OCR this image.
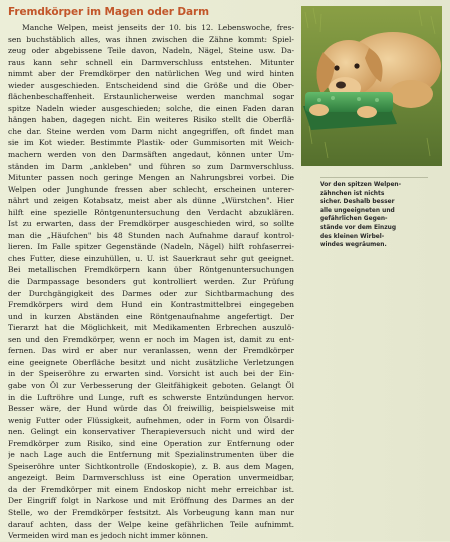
Fremdkörper im Magen oder Darm
Manche Welpen, meist jenseits der 10. bis 12. Lebenswoche, fres-
sen buchstäblich alles, was ihnen zwischen die Zähne kommt: Spiel-
zeug oder abgebissene Teile davon, Nadeln, Nägel, Steine usw. Da-
raus kann sehr schnell ein Darmverschluss entstehen. Mitunter
nimmt aber der Fremdkörper den natürlichen Weg und wird hinten
wieder ausgeschieden. Entscheidend sind die Größe und die Ober-
flächenbeschaffenheit. Erstaunlicherweise werden manchmal sogar
spitze Nadeln wieder ausgeschieden; solche, die einen Faden daran
hängen haben, dagegen nicht. Ein weiteres Risiko stellt die Oberflä-
che dar. Steine werden vom Darm nicht angegriffen, oft findet man
sie im Kot wieder. Bestimmte Plastik- oder Gummisorten mit Weich-
machern werden von den Darmsäften angedaut, können unter Um-
ständen im Darm „ankleben" und führen so zum Darmverschluss.
Mitunter passen noch geringe Mengen an Nahrungsbrei vorbei. Die
Welpen oder Junghunde fressen aber schlecht, erscheinen unterer-
nährt und zeigen Kotabsatz, meist aber als dünne „Würstchen". Hier
hilft eine spezielle Röntgenuntersuchung den Verdacht abzuklären.
Ist zu erwarten, dass der Fremdkörper ausgeschieden wird, so sollte
man die „Häufchen" bis 48 Stunden nach Aufnahme darauf kontrol-
lieren. Im Falle spitzer Gegenstände (Nadeln, Nägel) hilft rohfaserrei-
ches Futter, diese einzuhüllen, u. U. ist Sauerkraut sehr gut geeignet.
Bei metallischen Fremdkörpern kann über Röntgenuntersuchungen
die Darmpassage besonders gut kontrolliert werden. Zur Prüfung
der Durchgängigkeit des Darmes oder zur Sichtbarmachung des
Fremdkörpers wird dem Hund ein Kontrastmittelbrei eingegeben
und in kurzen Abständen eine Röntgenaufnahme angefertigt. Der
Tierarzt hat die Möglichkeit, mit Medikamenten Erbrechen auszulö-
sen und den Fremdkörper, wenn er noch im Magen ist, damit zu ent-
fernen. Das wird er aber nur veranlassen, wenn der Fremdkörper
eine geeignete Oberfläche besitzt und nicht zusätzliche Verletzungen
in der Speiseröhre zu erwarten sind. Vorsicht ist auch bei der Ein-
gabe von Öl zur Verbesserung der Gleitfähigkeit geboten. Gelangt Öl
in die Luftröhre und Lunge, ruft es schwerste Entzündungen hervor.
Besser wäre, der Hund würde das Öl freiwillig, beispielsweise mit
wenig Futter oder Flüssigkeit, aufnehmen, oder in Form von Ölsardi-
nen. Gelingt ein konservativer Therapieversuch nicht und wird der
Fremdkörper zum Risiko, sind eine Operation zur Entfernung oder
je nach Lage auch die Entfernung mit Spezialinstrumenten über die
Speiseröhre unter Sichtkontrolle (Endoskopie), z. B. aus dem Magen,
angezeigt. Beim Darmverschluss ist eine Operation unvermeidbar,
da der Fremdkörper mit einem Endoskop nicht mehr erreichbar ist.
Der Eingriff folgt in Narkose und mit Eröffnung des Darmes an der
Stelle, wo der Fremdkörper festsitzt. Als Vorbeugung kann man nur
darauf achten, dass der Welpe keine gefährlichen Teile aufnimmt.
Vermeiden wird man es jedoch nicht immer können.
Vor den spitzen Welpen-
zähnchen ist nichts
sicher. Deshalb besser
alle ungeeigneten und
gefährlichen Gegen-
stände vor dem Einzug
des kleinen Wirbel-
windes wegräumen.
